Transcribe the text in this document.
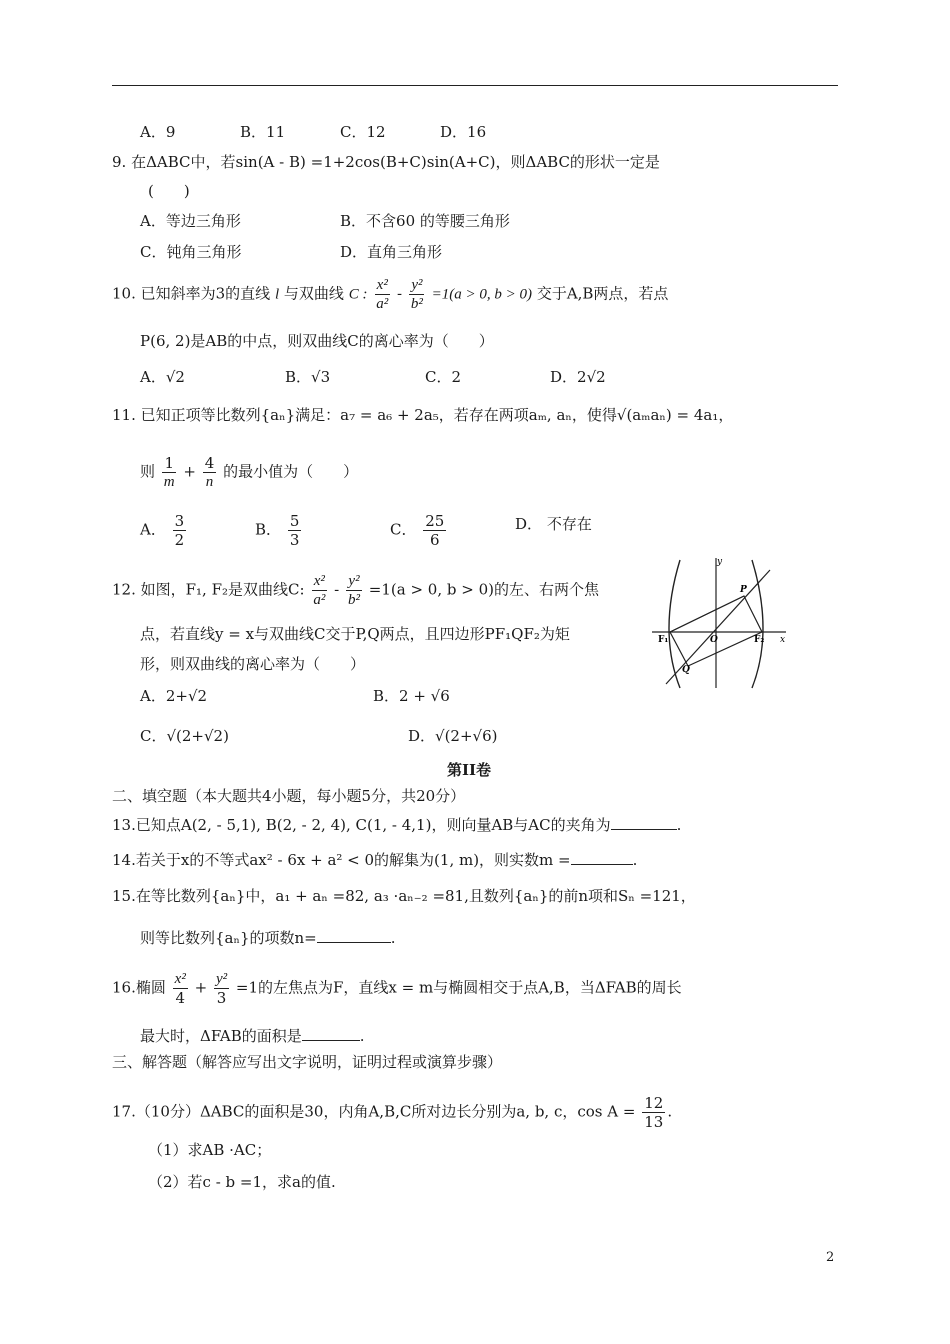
A．9	B．11	C．12	D．16
9. 在ΔABC中，若sin(A - B) =1+2cos(B+C)sin(A+C)，则ΔABC的形状一定是
(　　)
A．等边三角形	B．不含60 的等腰三角形
C．钝角三角形	D．直角三角形
10. 已知斜率为3的直线 l 与双曲线 C : $\frac{\text{x²}}{\text{a²}} - \frac{\text{y²}}{\text{b²}} =1(a > 0$, b > 0) 交于A,B两点，若点
P(6, 2)是AB的中点，则双曲线C的离心率为（　　）
A．√2	B．√3	C．2	D．2√2
11. 已知正项等比数列{aₙ}满足：a₇ = a₆ + 2a₅，若存在两项aₘ, aₙ，使得√(aₘaₙ) = 4a₁，
则 $\frac{1}{m} + \frac{4}{n}$ 的最小值为（　　）
A． $\frac{3}{2}$	B． $\frac{5}{3}$	C． $\frac{25}{6}$	D． 不存在
12. 如图，F₁, F₂是双曲线C: $\frac{\text{x²}}{\text{a²}} - \frac{\text{y²}}{\text{b²}} =1(a > 0$, b > 0)的左、右两个焦
点，若直线y = x与双曲线C交于P,Q两点，且四边形PF₁QF₂为矩
形，则双曲线的离心率为（　　）
A．2+√2	B．2 + √6
C．√(2+√2)	D．√(2+√6)
y
x
P
Q
O
F₁	F₂
第II卷
二、填空题（本大题共4小题，每小题5分，共20分）
13.已知点A(2, - 5,1), B(2, - 2, 4), C(1, - 4,1)，则向量AB与AC的夹角为	.
14.若关于x的不等式ax² - 6x + a² < 0的解集为(1, m)，则实数m =	.
15.在等比数列{aₙ}中，a₁ + aₙ =82, a₃ ·aₙ₋₂ =81,且数列{aₙ}的前n项和Sₙ =121，
则等比数列{aₙ}的项数n=	.
16.椭圆 $\frac{\text{x²}}{4} + \frac{\text{y²}}{3} =1$的左焦点为F，直线x = m与椭圆相交于点A,B，当ΔFAB的周长
最大时，ΔFAB的面积是	.
三、解答题（解答应写出文字说明，证明过程或演算步骤）
17.（10分）ΔABC的面积是30，内角A,B,C所对边长分别为a, b, c，$\cos A = \frac{12}{13}$ .
（1）求AB ·AC；
（2）若c - b =1，求a的值.
2
